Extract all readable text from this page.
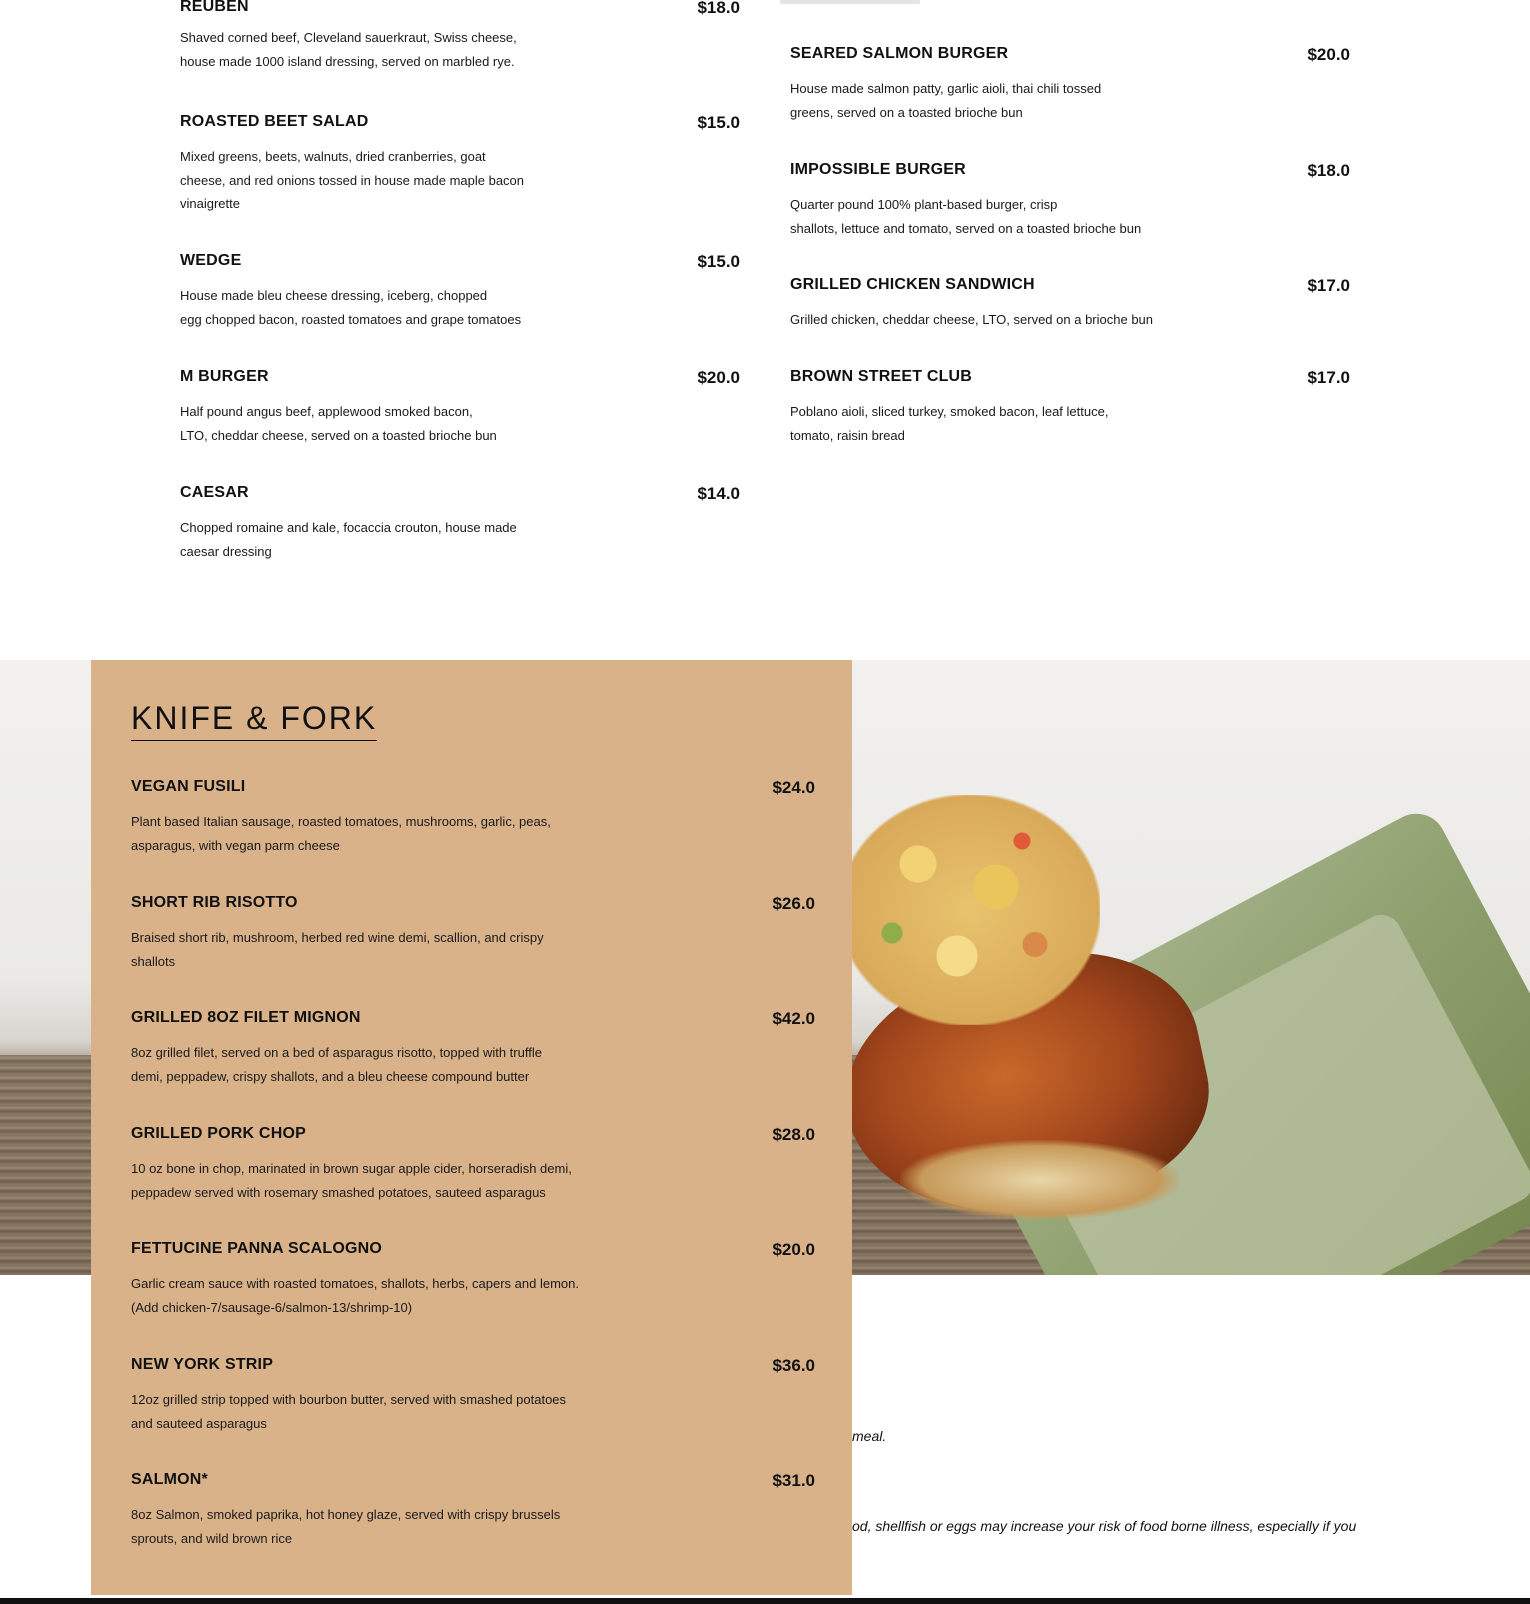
REUBEN	$18.0
Shaved corned beef, Cleveland sauerkraut, Swiss cheese,
house made 1000 island dressing, served on marbled rye.
ROASTED BEET SALAD	$15.0
Mixed greens, beets, walnuts, dried cranberries, goat
cheese, and red onions tossed in house made maple bacon
vinaigrette
WEDGE	$15.0
House made bleu cheese dressing, iceberg, chopped
egg chopped bacon, roasted tomatoes and grape tomatoes
M BURGER	$20.0
Half pound angus beef, applewood smoked bacon,
LTO, cheddar cheese, served on a toasted brioche bun
CAESAR	$14.0
Chopped romaine and kale, focaccia crouton, house made
caesar dressing
SEARED SALMON BURGER	$20.0
House made salmon patty, garlic aioli, thai chili tossed
greens, served on a toasted brioche bun
IMPOSSIBLE BURGER	$18.0
Quarter pound 100% plant-based burger, crisp
shallots, lettuce and tomato, served on a toasted brioche bun
GRILLED CHICKEN SANDWICH	$17.0
Grilled chicken, cheddar cheese, LTO, served on a brioche bun
BROWN STREET CLUB	$17.0
Poblano aioli, sliced turkey, smoked bacon, leaf lettuce,
tomato, raisin bread
meal.
od, shellfish or eggs may increase your risk of food borne illness, especially if you
KNIFE & FORK
VEGAN FUSILI	$24.0
Plant based Italian sausage, roasted tomatoes, mushrooms, garlic, peas,
asparagus, with vegan parm cheese
SHORT RIB RISOTTO	$26.0
Braised short rib, mushroom, herbed red wine demi, scallion, and crispy
shallots
GRILLED 8OZ FILET MIGNON	$42.0
8oz grilled filet, served on a bed of asparagus risotto, topped with truffle
demi, peppadew, crispy shallots, and a bleu cheese compound butter
GRILLED PORK CHOP	$28.0
10 oz bone in chop, marinated in brown sugar apple cider, horseradish demi,
peppadew served with rosemary smashed potatoes, sauteed asparagus
FETTUCINE PANNA SCALOGNO	$20.0
Garlic cream sauce with roasted tomatoes, shallots, herbs, capers and lemon.
(Add chicken-7/sausage-6/salmon-13/shrimp-10)
NEW YORK STRIP	$36.0
12oz grilled strip topped with bourbon butter, served with smashed potatoes
and sauteed asparagus
SALMON*	$31.0
8oz Salmon, smoked paprika, hot honey glaze, served with crispy brussels
sprouts, and wild brown rice
